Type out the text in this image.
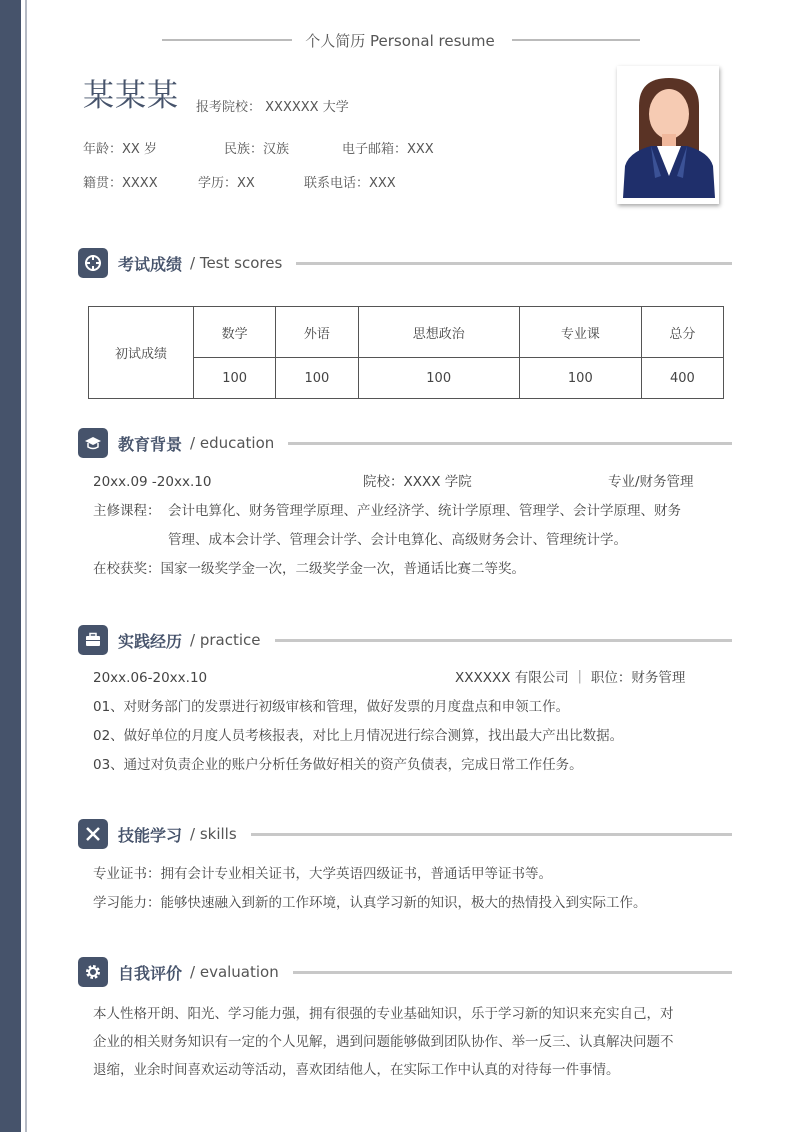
个人简历 Personal resume
某某某 报考院校： XXXXXX 大学
年龄：XX 岁	民族：汉族	电子邮箱：XXX
籍贯：XXXX	学历：XX	联系电话：XXX
考试成绩 / Test scores
初试成绩	数学	外语	思想政治	专业课	总分
	100	100	100	100	400
教育背景 / education
20xx.09 -20xx.10	院校：XXXX 学院	专业/财务管理
主修课程： 会计电算化、财务管理学原理、产业经济学、统计学原理、管理学、会计学原理、财务
管理、成本会计学、管理会计学、会计电算化、高级财务会计、管理统计学。
在校获奖：国家一级奖学金一次，二级奖学金一次，普通话比赛二等奖。
实践经历 / practice
20xx.06-20xx.10	XXXXXX 有限公司 ｜ 职位：财务管理
01、对财务部门的发票进行初级审核和管理，做好发票的月度盘点和申领工作。
02、做好单位的月度人员考核报表，对比上月情况进行综合测算，找出最大产出比数据。
03、通过对负责企业的账户分析任务做好相关的资产负债表，完成日常工作任务。
技能学习 / skills
专业证书：拥有会计专业相关证书，大学英语四级证书，普通话甲等证书等。
学习能力：能够快速融入到新的工作环境，认真学习新的知识，极大的热情投入到实际工作。
自我评价 / evaluation
本人性格开朗、阳光、学习能力强，拥有很强的专业基础知识，乐于学习新的知识来充实自己，对
企业的相关财务知识有一定的个人见解，遇到问题能够做到团队协作、举一反三、认真解决问题不
退缩，业余时间喜欢运动等活动，喜欢团结他人，在实际工作中认真的对待每一件事情。
